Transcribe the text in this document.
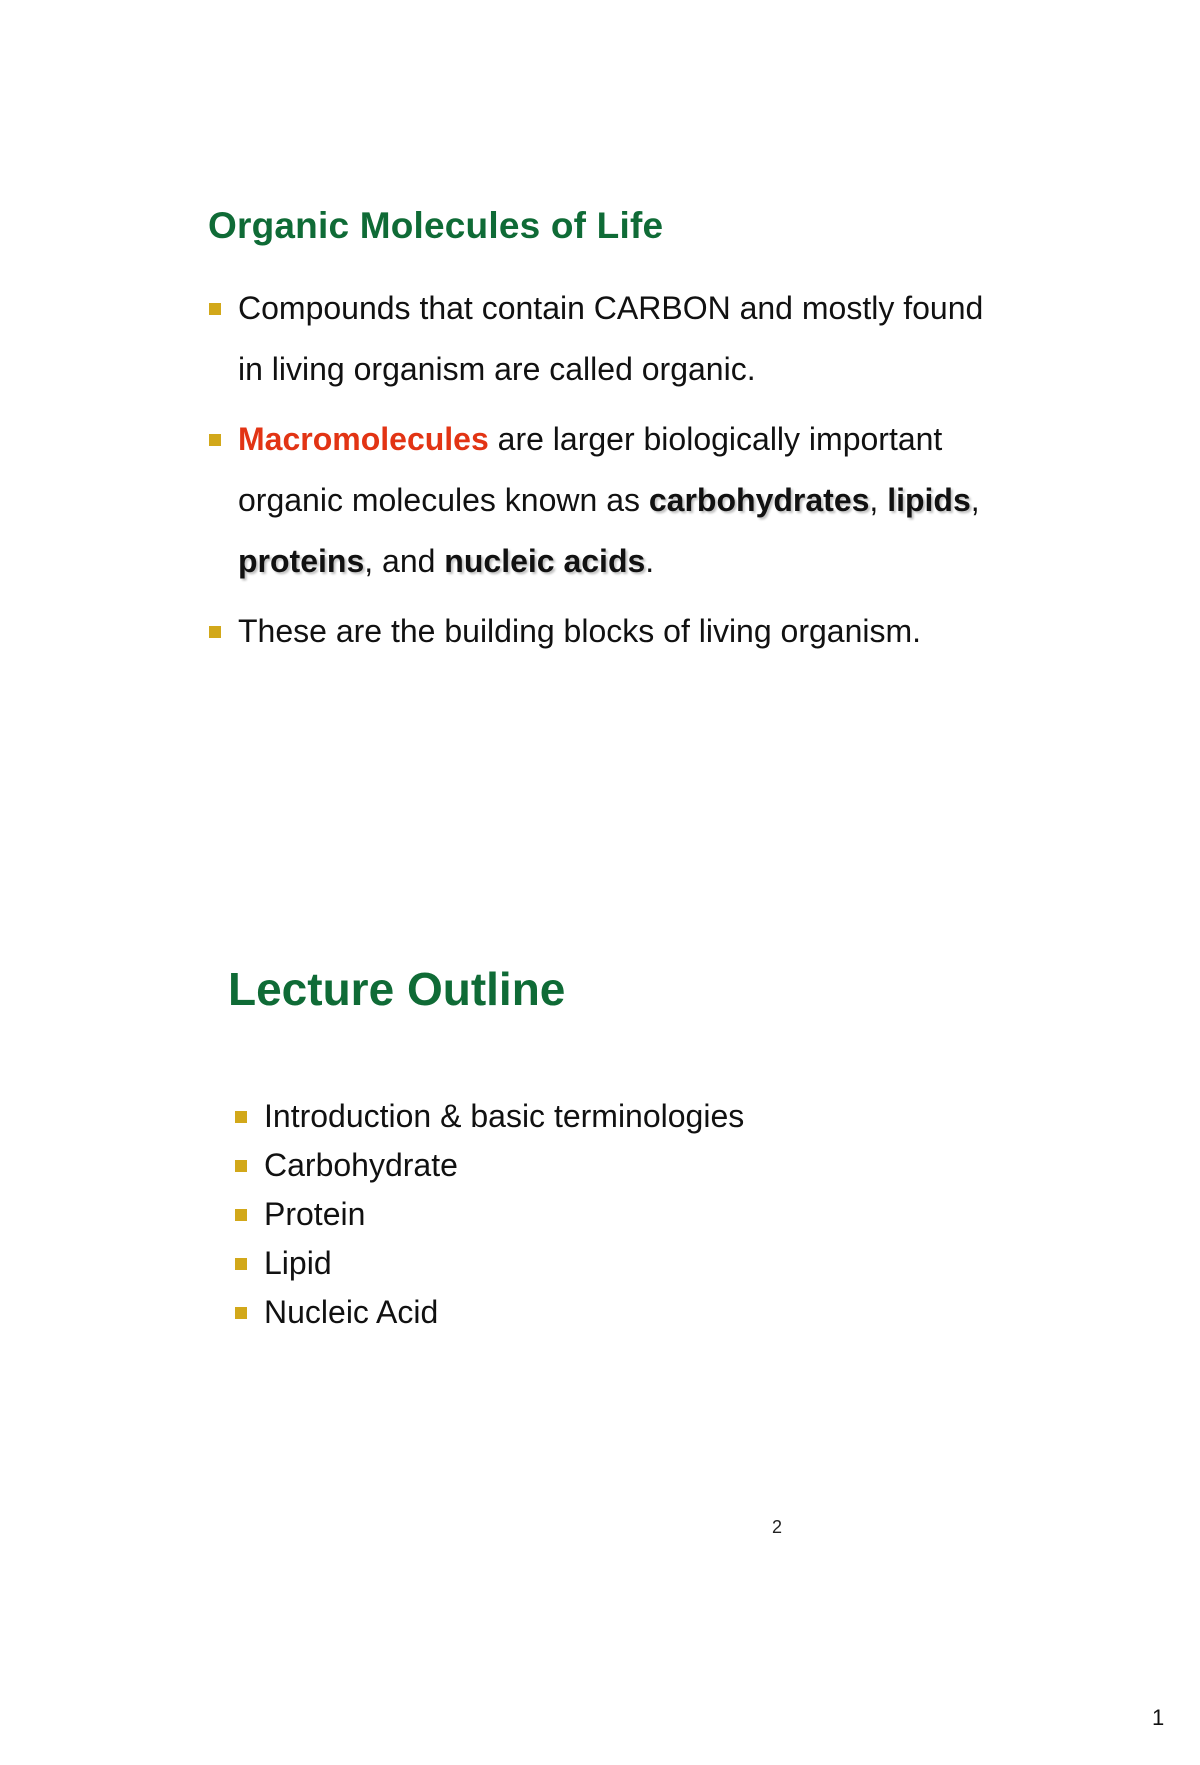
Organic Molecules of Life
Compounds that contain CARBON and mostly found in living organism are called organic.
Macromolecules are larger biologically important organic molecules known as carbohydrates, lipids, proteins, and nucleic acids.
These are the building blocks of living organism.
Lecture Outline
Introduction & basic terminologies
Carbohydrate
Protein
Lipid
Nucleic Acid
2
1
